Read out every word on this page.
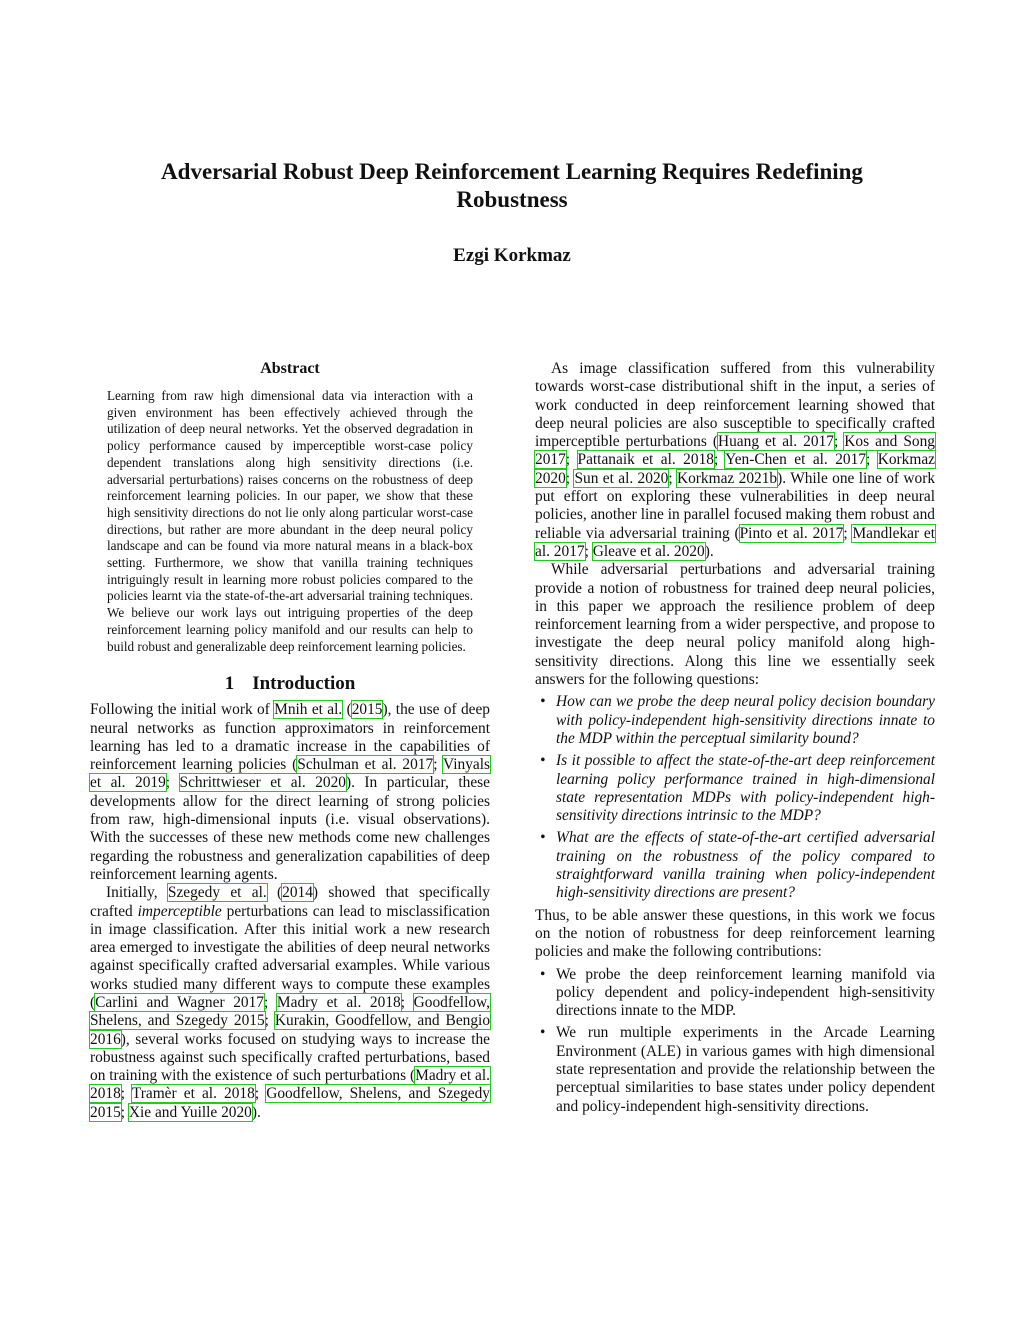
Adversarial Robust Deep Reinforcement Learning Requires Redefining Robustness
Ezgi Korkmaz
Abstract

Learning from raw high dimensional data via interaction with a given environment has been effectively achieved through the utilization of deep neural networks. Yet the observed degradation in policy performance caused by imperceptible worst-case policy dependent translations along high sensitivity directions (i.e. adversarial perturbations) raises concerns on the robustness of deep reinforcement learning policies. In our paper, we show that these high sensitivity directions do not lie only along particular worst-case directions, but rather are more abundant in the deep neural policy landscape and can be found via more natural means in a black-box setting. Furthermore, we show that vanilla training techniques intriguingly result in learning more robust policies compared to the policies learnt via the state-of-the-art adversarial training techniques. We believe our work lays out intriguing properties of the deep reinforcement learning policy manifold and our results can help to build robust and generalizable deep reinforcement learning policies.

1 Introduction

Following the initial work of Mnih et al. (2015), the use of deep neural networks as function approximators in reinforcement learning has led to a dramatic increase in the capabilities of reinforcement learning policies (Schulman et al. 2017; Vinyals et al. 2019; Schrittwieser et al. 2020). In particular, these developments allow for the direct learning of strong policies from raw, high-dimensional inputs (i.e. visual observations). With the successes of these new methods come new challenges regarding the robustness and generalization capabilities of deep reinforcement learning agents.

Initially, Szegedy et al. (2014) showed that specifically crafted imperceptible perturbations can lead to misclassification in image classification. After this initial work a new research area emerged to investigate the abilities of deep neural networks against specifically crafted adversarial examples. While various works studied many different ways to compute these examples (Carlini and Wagner 2017; Madry et al. 2018; Goodfellow, Shelens, and Szegedy 2015; Kurakin, Goodfellow, and Bengio 2016), several works focused on studying ways to increase the robustness against such specifically crafted perturbations, based on training with the existence of such perturbations (Madry et al. 2018; Tramèr et al. 2018; Goodfellow, Shelens, and Szegedy 2015; Xie and Yuille 2020).

As image classification suffered from this vulnerability towards worst-case distributional shift in the input, a series of work conducted in deep reinforcement learning showed that deep neural policies are also susceptible to specifically crafted imperceptible perturbations (Huang et al. 2017; Kos and Song 2017; Pattanaik et al. 2018; Yen-Chen et al. 2017; Korkmaz 2020; Sun et al. 2020; Korkmaz 2021b). While one line of work put effort on exploring these vulnerabilities in deep neural policies, another line in parallel focused making them robust and reliable via adversarial training (Pinto et al. 2017; Mandlekar et al. 2017; Gleave et al. 2020).

While adversarial perturbations and adversarial training provide a notion of robustness for trained deep neural policies, in this paper we approach the resilience problem of deep reinforcement learning from a wider perspective, and propose to investigate the deep neural policy manifold along high-sensitivity directions. Along this line we essentially seek answers for the following questions:

• How can we probe the deep neural policy decision boundary with policy-independent high-sensitivity directions innate to the MDP within the perceptual similarity bound?
• Is it possible to affect the state-of-the-art deep reinforcement learning policy performance trained in high-dimensional state representation MDPs with policy-independent high-sensitivity directions intrinsic to the MDP?
• What are the effects of state-of-the-art certified adversarial training on the robustness of the policy compared to straightforward vanilla training when policy-independent high-sensitivity directions are present?

Thus, to be able answer these questions, in this work we focus on the notion of robustness for deep reinforcement learning policies and make the following contributions:

• We probe the deep reinforcement learning manifold via policy dependent and policy-independent high-sensitivity directions innate to the MDP.
• We run multiple experiments in the Arcade Learning Environment (ALE) in various games with high dimensional state representation and provide the relationship between the perceptual similarities to base states under policy dependent and policy-independent high-sensitivity directions.
